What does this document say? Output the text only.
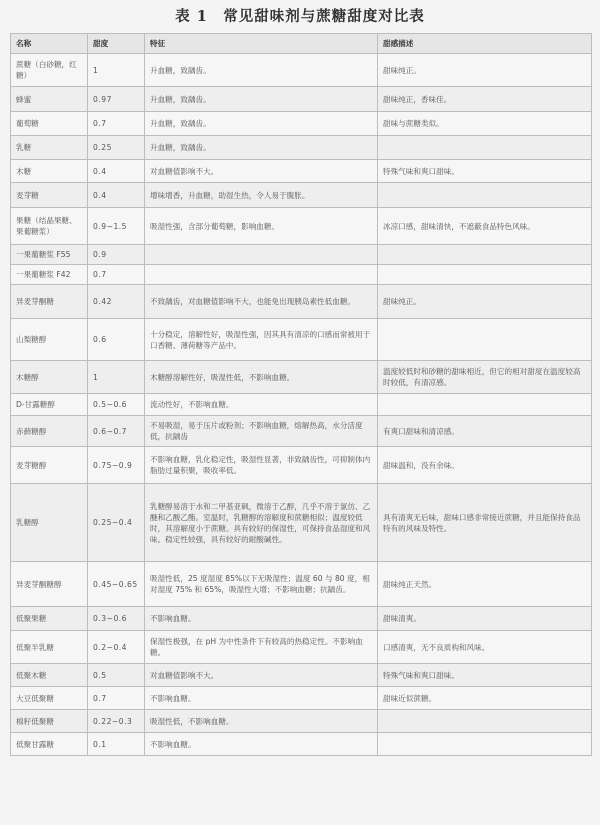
表 1　常见甜味剂与蔗糖甜度对比表
名称	甜度	特征	甜感描述
蔗糖（白砂糖，红糖）	1	升血糖，致龋齿。	甜味纯正。
蜂蜜	0.97	升血糖，致龋齿。	甜味纯正，香味佳。
葡萄糖	0.7	升血糖，致龋齿。	甜味与蔗糖类似。
乳糖	0.25	升血糖，致龋齿。	
木糖	0.4	对血糖值影响不大。	特殊气味和爽口甜味。
麦芽糖	0.4	增味增香，升血糖，助湿生热，令人易于腹胀。	
果糖（结晶果糖、果葡糖浆）	0.9~1.5	吸湿性强，含部分葡萄糖，影响血糖。	冰凉口感，甜味清快，不遮蔽食品特色风味。
一果葡糖浆 F55	0.9		
一果葡糖浆 F42	0.7		
异麦芽酮糖	0.42	不致龋齿，对血糖值影响不大，也能免出现胰岛素性低血糖。	甜味纯正。
山梨糖醇	0.6	十分稳定，溶解性好，吸湿性强，因其具有清凉的口感而常被用于口香糖、薄荷糖等产品中。	
木糖醇	1	木糖醇溶解性好，吸湿性低，不影响血糖。	温度较低时和砂糖的甜味相近，但它的相对甜度在温度较高时较低，有清凉感。
D-甘露糖醇	0.5~0.6	流动性好，不影响血糖。	
赤藓糖醇	0.6~0.7	不易吸湿，易于压片或粉剂；不影响血糖，熔解热高，水分活度低，抗龋齿	有爽口甜味和清凉感。
麦芽糖醇	0.75~0.9	不影响血糖，乳化稳定性，吸湿性显著，非致龋齿性，可抑制体内脂肪过量积聚，吸收率低。	甜味温和，没有余味。
乳糖醇	0.25~0.4	乳糖醇易溶于水和二甲基亚砜，微溶于乙醇，几乎不溶于氯仿、乙醚和乙酸乙酯。室温时，乳糖醇的溶解度和蔗糖相似；温度较低时，其溶解度小于蔗糖。具有较好的保湿性，可保持食品湿度和风味。稳定性较强，具有较好的耐酸碱性。	具有清爽无后味，甜味口感非常接近蔗糖，并且能保持食品特有的风味及特性。
异麦芽酮糖醇	0.45~0.65	吸湿性低，25 度湿度 85%以下无吸湿性；温度 60 与 80 度，相对湿度 75% 和 65%，吸湿性大增；不影响血糖；抗龋齿。	甜味纯正天然。
低聚果糖	0.3~0.6	不影响血糖。	甜味清爽。
低聚半乳糖	0.2~0.4	保湿性极强，在 pH 为中性条件下有较高的热稳定性。不影响血糖。	口感清爽，无不良质构和风味。
低聚木糖	0.5	对血糖值影响不大。	特殊气味和爽口甜味。
大豆低聚糖	0.7	不影响血糖。	甜味近似蔗糖。
棉籽低聚糖	0.22~0.3	吸湿性低，不影响血糖。	
低聚甘露糖	0.1	不影响血糖。	
